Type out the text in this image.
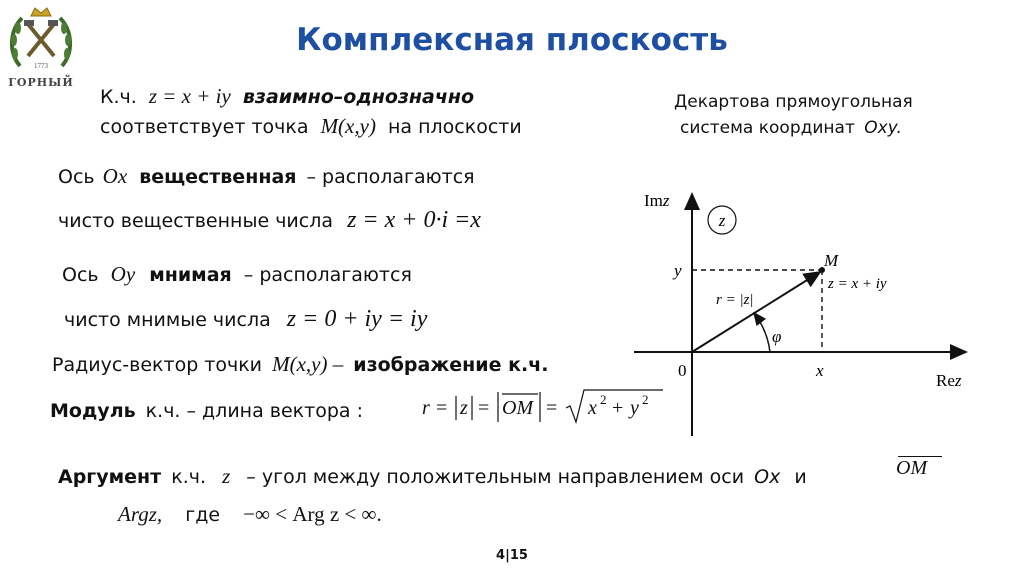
1773
ГОРНЫЙ
Комплексная плоскость
К.ч. z = x + iy взаимно–однозначно
соответствует точка M(x,y) на плоскости
Декартова прямоугольная
система координат Oxy.
Ось Ox вещественная – располагаются
чисто вещественные числа z = x + 0·i =x
Ось Oy мнимая – располагаются
чисто мнимые числа z = 0 + iy = iy
Радиус-вектор точки M(x,y) – изображение к.ч.
Модуль к.ч. – длина вектора :	r = z = OM = x 2 + y 2
Аргумент к.ч. z – угол между положительным направлением оси Ox и	OM
Argz, где −∞ < Arg z < ∞.
z
Imz
Rez
0	x
y
M
z = x + iy
r = |z|
φ
4|15
